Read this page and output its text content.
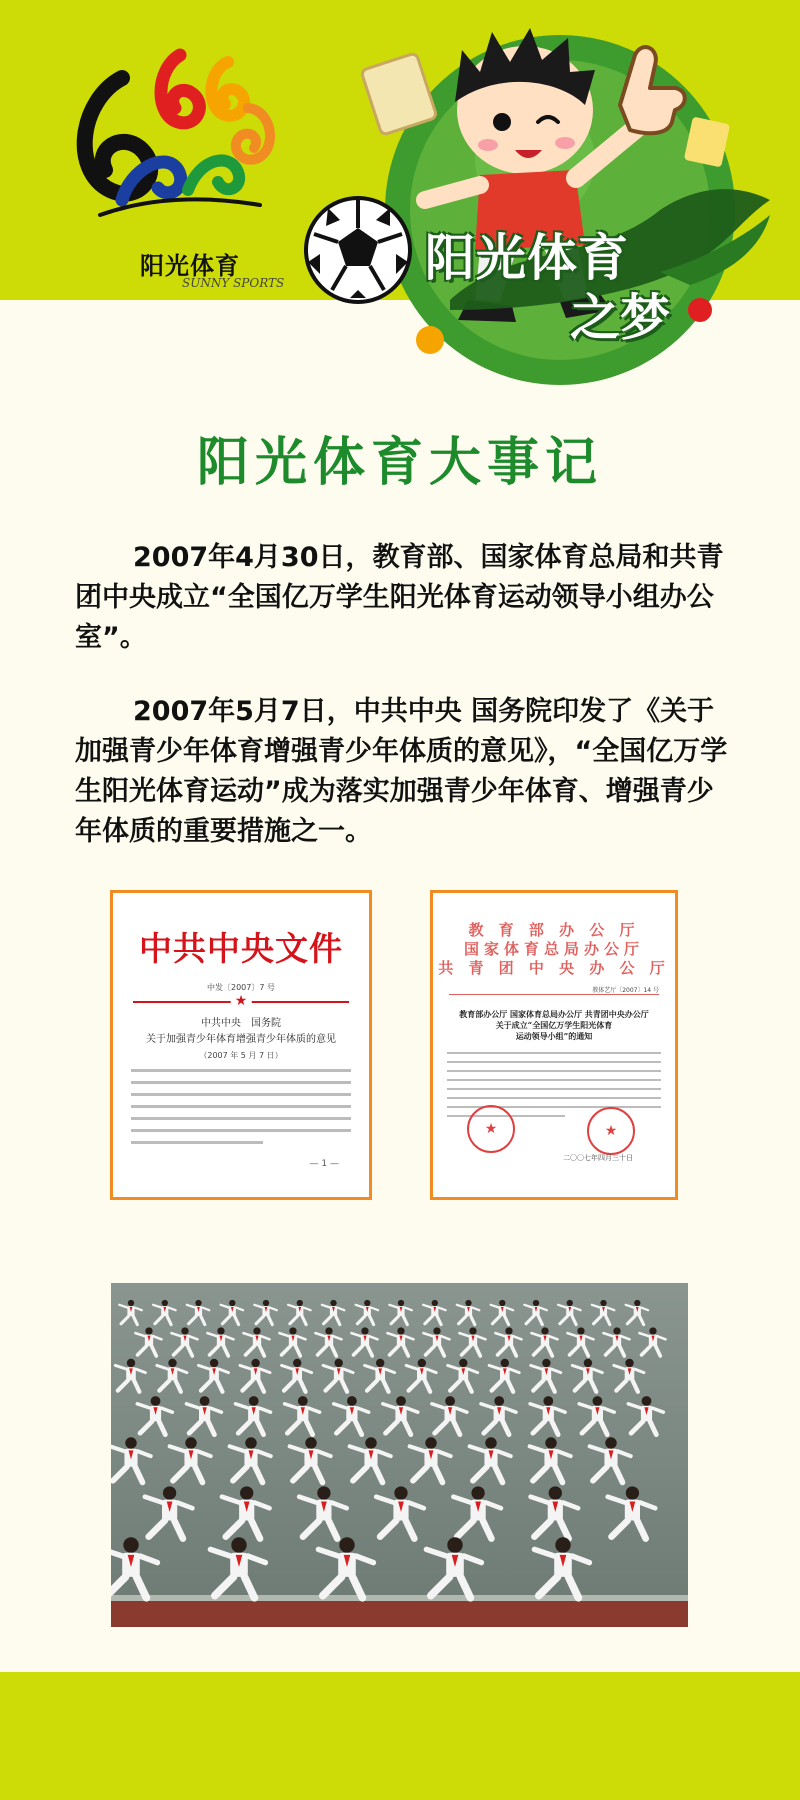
阳光体育
SUNNY SPORTS	阳光体育
之梦
阳光体育大事记
2007年4月30日，教育部、国家体育总局和共青团中央成立“全国亿万学生阳光体育运动领导小组办公室”。
2007年5月7日，中共中央 国务院印发了《关于加强青少年体育增强青少年体质的意见》，“全国亿万学生阳光体育运动”成为落实加强青少年体育、增强青少年体质的重要措施之一。
中共中央文件
中发〔2007〕7 号
★
中共中央　国务院
关于加强青少年体育增强青少年体质的意见
（2007 年 5 月 7 日）
— 1 —
教 育 部 办 公 厅
国家体育总局办公厅
共 青 团 中 央 办 公 厅
教体艺厅〔2007〕14 号
教育部办公厅 国家体育总局办公厅 共青团中央办公厅
关于成立“全国亿万学生阳光体育
运动领导小组”的通知
★	★
二〇〇七年四月三十日
